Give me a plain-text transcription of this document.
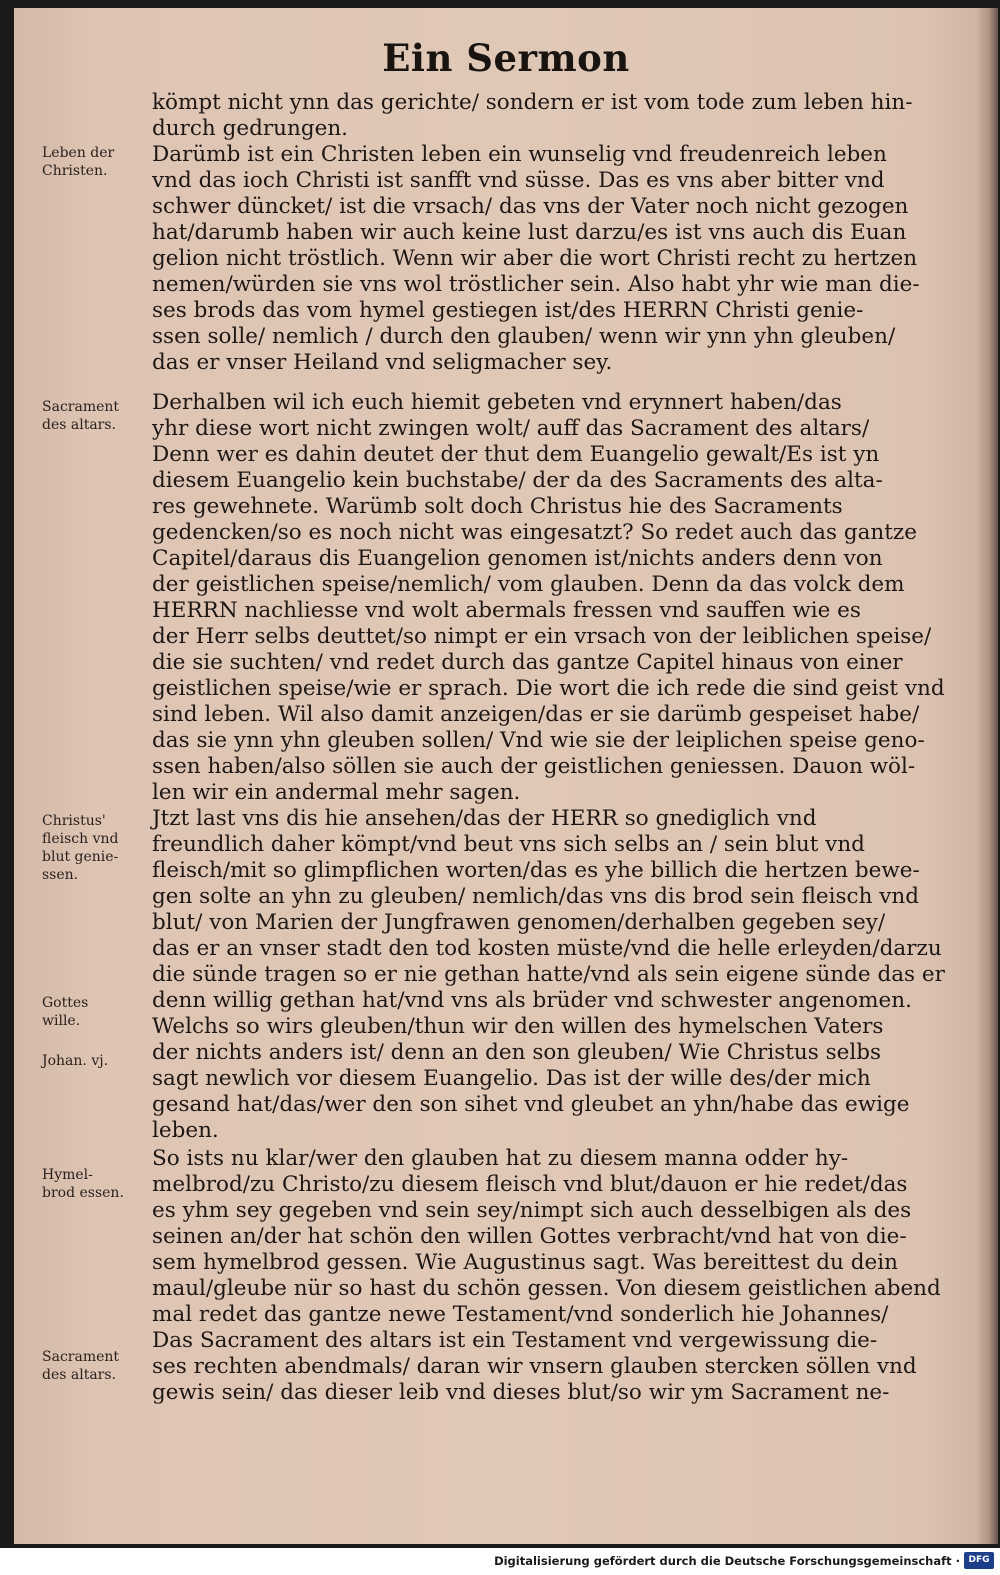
Ein Sermon

kömpt nicht ynn das gerichte/ sondern er ist vom tode zum leben hin-

durch gedrungen.

Darümb ist ein Christen leben ein wunselig vnd freudenreich leben

vnd das ioch Christi ist sanfft vnd süsse. Das es vns aber bitter vnd

schwer düncket/ ist die vrsach/ das vns der Vater noch nicht gezogen

hat/darumb haben wir auch keine lust darzu/es ist vns auch dis Euan

gelion nicht tröstlich. Wenn wir aber die wort Christi recht zu hertzen

nemen/würden sie vns wol tröstlicher sein. Also habt yhr wie man die-

ses brods das vom hymel gestiegen ist/des HERRN Christi genie-

ssen solle/ nemlich / durch den glauben/ wenn wir ynn yhn gleuben/

das er vnser Heiland vnd seligmacher sey.

Derhalben wil ich euch hiemit gebeten vnd erynnert haben/das

yhr diese wort nicht zwingen wolt/ auff das Sacrament des altars/

Denn wer es dahin deutet der thut dem Euangelio gewalt/Es ist yn

diesem Euangelio kein buchstabe/ der da des Sacraments des alta-

res gewehnete. Warümb solt doch Christus hie des Sacraments

gedencken/so es noch nicht was eingesatzt? So redet auch das gantze

Capitel/daraus dis Euangelion genomen ist/nichts anders denn von

der geistlichen speise/nemlich/ vom glauben. Denn da das volck dem

HERRN nachliesse vnd wolt abermals fressen vnd sauffen wie es

der Herr selbs deuttet/so nimpt er ein vrsach von der leiblichen speise/

die sie suchten/ vnd redet durch das gantze Capitel hinaus von einer

geistlichen speise/wie er sprach. Die wort die ich rede die sind geist vnd

sind leben. Wil also damit anzeigen/das er sie darümb gespeiset habe/

das sie ynn yhn gleuben sollen/ Vnd wie sie der leiplichen speise geno-

ssen haben/also söllen sie auch der geistlichen geniessen. Dauon wöl-

len wir ein andermal mehr sagen.

Jtzt last vns dis hie ansehen/das der HERR so gnediglich vnd

freundlich daher kömpt/vnd beut vns sich selbs an / sein blut vnd

fleisch/mit so glimpflichen worten/das es yhe billich die hertzen bewe-

gen solte an yhn zu gleuben/ nemlich/das vns dis brod sein fleisch vnd

blut/ von Marien der Jungfrawen genomen/derhalben gegeben sey/

das er an vnser stadt den tod kosten müste/vnd die helle erleyden/darzu

die sünde tragen so er nie gethan hatte/vnd als sein eigene sünde das er

denn willig gethan hat/vnd vns als brüder vnd schwester angenomen.

Welchs so wirs gleuben/thun wir den willen des hymelschen Vaters

der nichts anders ist/ denn an den son gleuben/ Wie Christus selbs

sagt newlich vor diesem Euangelio. Das ist der wille des/der mich

gesand hat/das/wer den son sihet vnd gleubet an yhn/habe das ewige

leben.

So ists nu klar/wer den glauben hat zu diesem manna odder hy-

melbrod/zu Christo/zu diesem fleisch vnd blut/dauon er hie redet/das

es yhm sey gegeben vnd sein sey/nimpt sich auch desselbigen als des

seinen an/der hat schön den willen Gottes verbracht/vnd hat von die-

sem hymelbrod gessen. Wie Augustinus sagt. Was bereittest du dein

maul/gleube nür so hast du schön gessen. Von diesem geistlichen abend

mal redet das gantze newe Testament/vnd sonderlich hie Johannes/

Das Sacrament des altars ist ein Testament vnd vergewissung die-

ses rechten abendmals/ daran wir vnsern glauben stercken söllen vnd

gewis sein/ das dieser leib vnd dieses blut/so wir ym Sacrament ne-

Leben der
Christen.

Sacrament
des altars.

Christus'
fleisch vnd
blut genie-
ssen.

Gottes
wille.

Johan. vj.

Hymel-
brod essen.

Sacrament
des altars.

Digitalisierung gefördert durch die Deutsche Forschungsgemeinschaft · DFG
